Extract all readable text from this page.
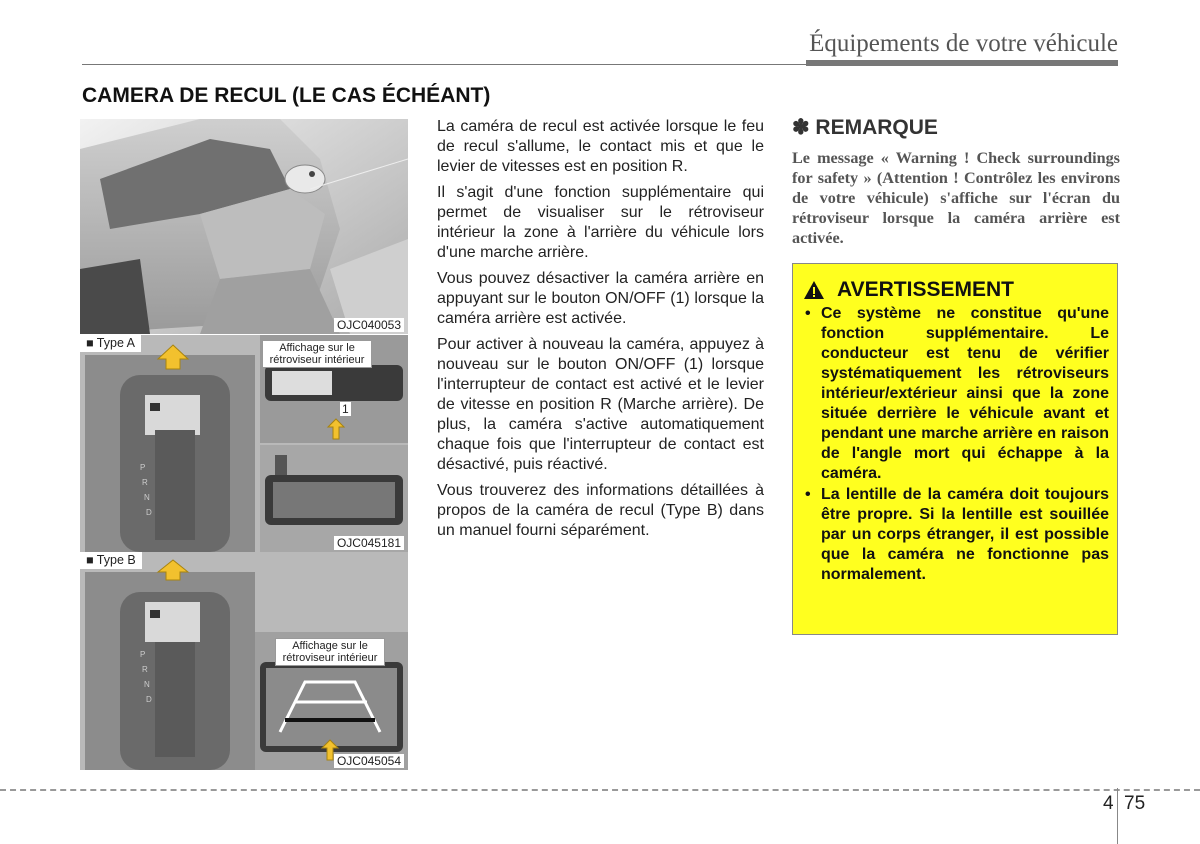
Équipements de votre véhicule
CAMERA DE RECUL (LE CAS ÉCHÉANT)
OJC040053
P
R
N
D
■ Type A	Affichage sur le rétroviseur intérieur
1
OJC045181
P
R
N
D
■ Type B
Affichage sur le rétroviseur intérieur
OJC045054

La caméra de recul est activée lorsque le feu de recul s'allume, le contact mis et que le levier de vitesses est en position R.

Il s'agit d'une fonction supplémentaire qui permet de visualiser sur le rétroviseur intérieur la zone à l'arrière du véhicule lors d'une marche arrière.

Vous pouvez désactiver la caméra arrière en appuyant sur le bouton ON/OFF (1) lorsque la caméra arrière est activée.

Pour activer à nouveau la caméra, appuyez à nouveau sur le bouton ON/OFF (1) lorsque l'interrupteur de contact est activé et le levier de vitesse en position R (Marche arrière). De plus, la caméra s'active automatiquement chaque fois que l'interrupteur de contact est désactivé, puis réactivé.

Vous trouverez des informations détaillées à propos de la caméra de recul (Type B) dans un manuel fourni séparément.

✽ REMARQUE
Le message « Warning ! Check surroundings for safety » (Attention ! Contrôlez les environs de votre véhicule) s'affiche sur l'écran du rétroviseur lorsque la caméra arrière est activée.
AVERTISSEMENT
• Ce système ne constitue qu'une fonction supplémentaire. Le conducteur est tenu de vérifier systématiquement les rétroviseurs intérieur/extérieur ainsi que la zone située derrière le véhicule avant et pendant une marche arrière en raison de l'angle mort qui échappe à la caméra.
• La lentille de la caméra doit toujours être propre. Si la lentille est souillée par un corps étranger, il est possible que la caméra ne fonctionne pas normalement.
4 75
